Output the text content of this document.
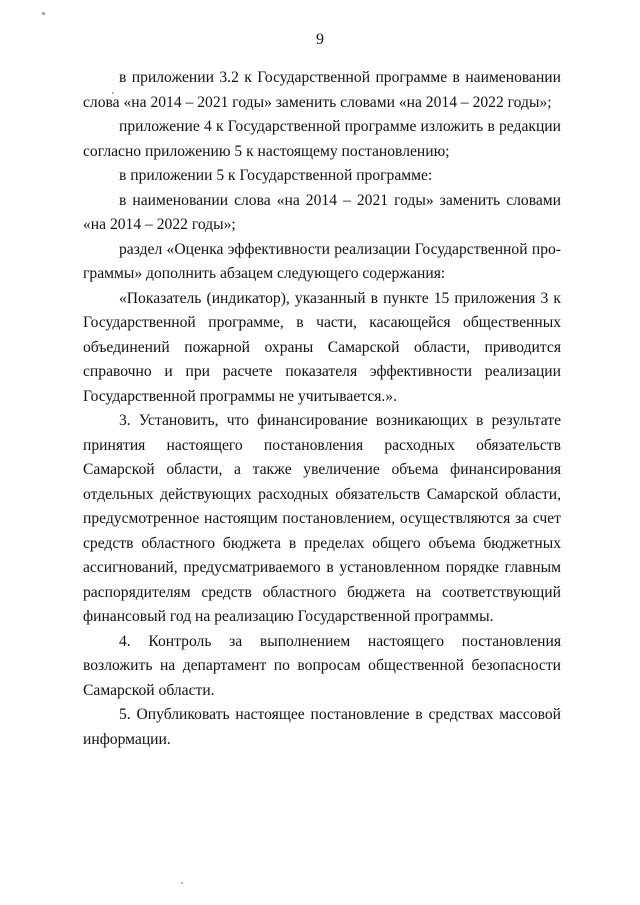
9

в приложении 3.2 к Государственной программе в наименовании слова «на 2014 – 2021 годы» заменить словами «на 2014 – 2022 годы»;

приложение 4 к Государственной программе изложить в редакции согласно приложению 5 к настоящему постановлению;

в приложении 5 к Государственной программе:

в наименовании слова «на 2014 – 2021 годы» заменить словами «на 2014 – 2022 годы»;

раздел «Оценка эффективности реализации Государственной программы» дополнить абзацем следующего содержания:

«Показатель (индикатор), указанный в пункте 15 приложения 3 к Государственной программе, в части, касающейся общественных объединений пожарной охраны Самарской области, приводится справочно и при расчете показателя эффективности реализации Государственной программы не учитывается.».

3. Установить, что финансирование возникающих в результате принятия настоящего постановления расходных обязательств Самарской области, а также увеличение объема финансирования отдельных действующих расходных обязательств Самарской области, предусмотренное настоящим постановлением, осуществляются за счет средств областного бюджета в пределах общего объема бюджетных ассигнований, предусматриваемого в установленном порядке главным распорядителям средств областного бюджета на соответствующий финансовый год на реализацию Государственной программы.

4. Контроль за выполнением настоящего постановления возложить на департамент по вопросам общественной безопасности Самарской области.

5. Опубликовать настоящее постановление в средствах массовой информации.
